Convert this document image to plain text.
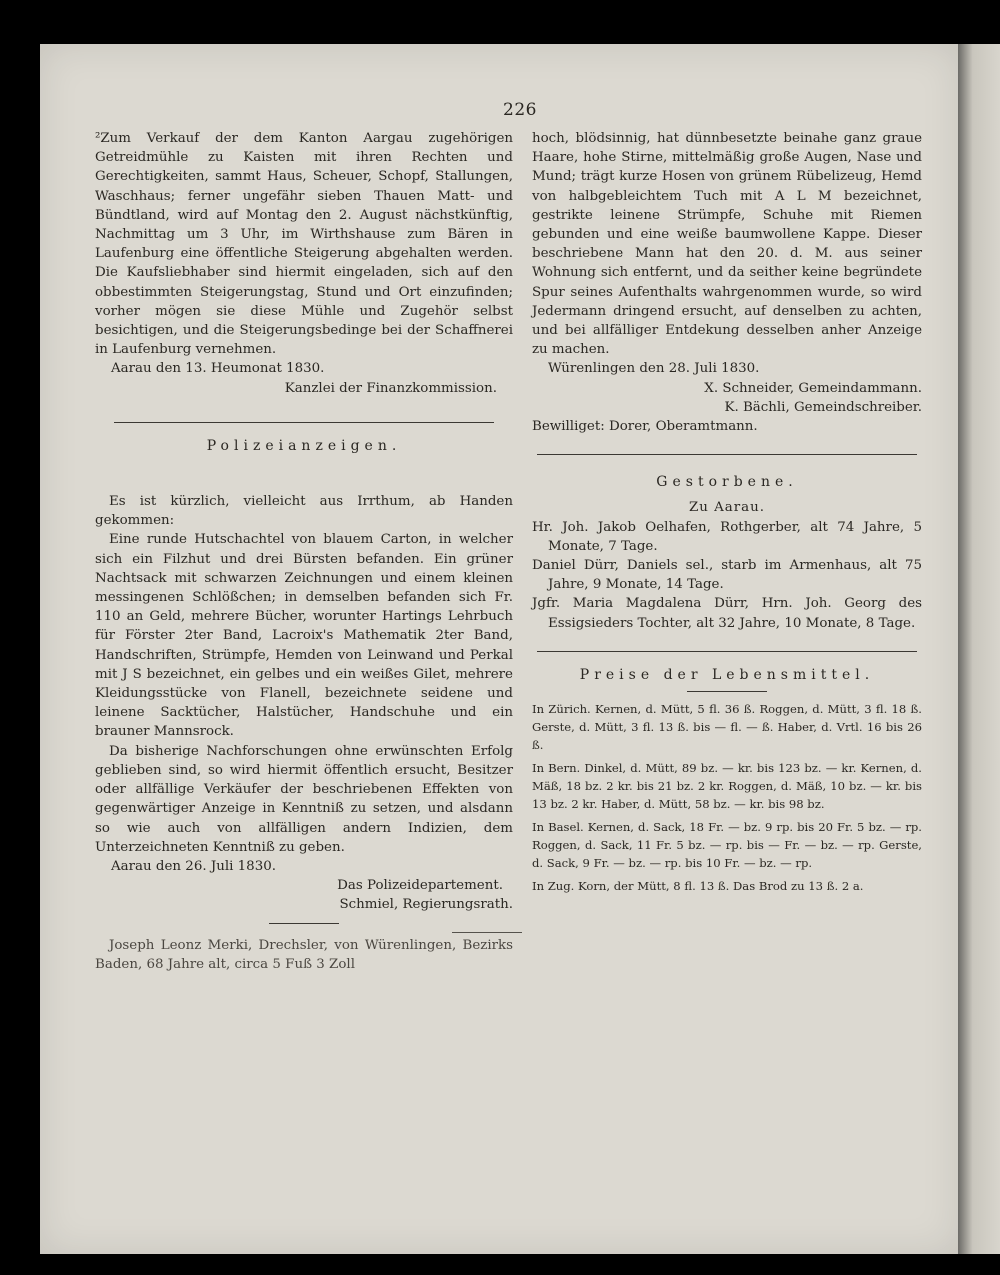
226

²Zum Verkauf der dem Kanton Aargau zugehörigen Getreidmühle zu Kaisten mit ihren Rechten und Gerechtigkeiten, sammt Haus, Scheuer, Schopf, Stallungen, Waschhaus; ferner ungefähr sieben Thauen Matt- und Bündtland, wird auf Montag den 2. August nächstkünftig, Nachmittag um 3 Uhr, im Wirthshause zum Bären in Laufenburg eine öffentliche Steigerung abgehalten werden. Die Kaufsliebhaber sind hiermit eingeladen, sich auf den obbestimmten Steigerungstag, Stund und Ort einzufinden; vorher mögen sie diese Mühle und Zugehör selbst besichtigen, und die Steigerungsbedinge bei der Schaffnerei in Laufenburg vernehmen.

Aarau den 13. Heumonat 1830.

Kanzlei der Finanzkommission.

Polizeianzeigen.

Es ist kürzlich, vielleicht aus Irrthum, ab Handen gekommen:

Eine runde Hutschachtel von blauem Carton, in welcher sich ein Filzhut und drei Bürsten befanden. Ein grüner Nachtsack mit schwarzen Zeichnungen und einem kleinen messingenen Schlößchen; in demselben befanden sich Fr. 110 an Geld, mehrere Bücher, worunter Hartings Lehrbuch für Förster 2ter Band, Lacroix's Mathematik 2ter Band, Handschriften, Strümpfe, Hemden von Leinwand und Perkal mit J S bezeichnet, ein gelbes und ein weißes Gilet, mehrere Kleidungsstücke von Flanell, bezeichnete seidene und leinene Sacktücher, Halstücher, Handschuhe und ein brauner Mannsrock.

Da bisherige Nachforschungen ohne erwünschten Erfolg geblieben sind, so wird hiermit öffentlich ersucht, Besitzer oder allfällige Verkäufer der beschriebenen Effekten von gegenwärtiger Anzeige in Kenntniß zu setzen, und alsdann so wie auch von allfälligen andern Indizien, dem Unterzeichneten Kenntniß zu geben.

Aarau den 26. Juli 1830.

Das Polizeidepartement.

Schmiel, Regierungsrath.

Joseph Leonz Merki, Drechsler, von Würenlingen, Bezirks Baden, 68 Jahre alt, circa 5 Fuß 3 Zoll

hoch, blödsinnig, hat dünnbesetzte beinahe ganz graue Haare, hohe Stirne, mittelmäßig große Augen, Nase und Mund; trägt kurze Hosen von grünem Rübelizeug, Hemd von halbgebleichtem Tuch mit A L M bezeichnet, gestrikte leinene Strümpfe, Schuhe mit Riemen gebunden und eine weiße baumwollene Kappe. Dieser beschriebene Mann hat den 20. d. M. aus seiner Wohnung sich entfernt, und da seither keine begründete Spur seines Aufenthalts wahrgenommen wurde, so wird Jedermann dringend ersucht, auf denselben zu achten, und bei allfälliger Entdekung desselben anher Anzeige zu machen.

Würenlingen den 28. Juli 1830.

X. Schneider, Gemeindammann.

K. Bächli, Gemeindschreiber.

Bewilliget: Dorer, Oberamtmann.

Gestorbene.

Zu Aarau.

Hr. Joh. Jakob Oelhafen, Rothgerber, alt 74 Jahre, 5 Monate, 7 Tage.

Daniel Dürr, Daniels sel., starb im Armenhaus, alt 75 Jahre, 9 Monate, 14 Tage.

Jgfr. Maria Magdalena Dürr, Hrn. Joh. Georg des Essigsieders Tochter, alt 32 Jahre, 10 Monate, 8 Tage.

Preise der Lebensmittel.

In Zürich. Kernen, d. Mütt, 5 fl. 36 ß. Roggen, d. Mütt, 3 fl. 18 ß. Gerste, d. Mütt, 3 fl. 13 ß. bis — fl. — ß. Haber, d. Vrtl. 16 bis 26 ß.

In Bern. Dinkel, d. Mütt, 89 bz. — kr. bis 123 bz. — kr. Kernen, d. Mäß, 18 bz. 2 kr. bis 21 bz. 2 kr. Roggen, d. Mäß, 10 bz. — kr. bis 13 bz. 2 kr. Haber, d. Mütt, 58 bz. — kr. bis 98 bz.

In Basel. Kernen, d. Sack, 18 Fr. — bz. 9 rp. bis 20 Fr. 5 bz. — rp. Roggen, d. Sack, 11 Fr. 5 bz. — rp. bis — Fr. — bz. — rp. Gerste, d. Sack, 9 Fr. — bz. — rp. bis 10 Fr. — bz. — rp.

In Zug. Korn, der Mütt, 8 fl. 13 ß. Das Brod zu 13 ß. 2 a.
